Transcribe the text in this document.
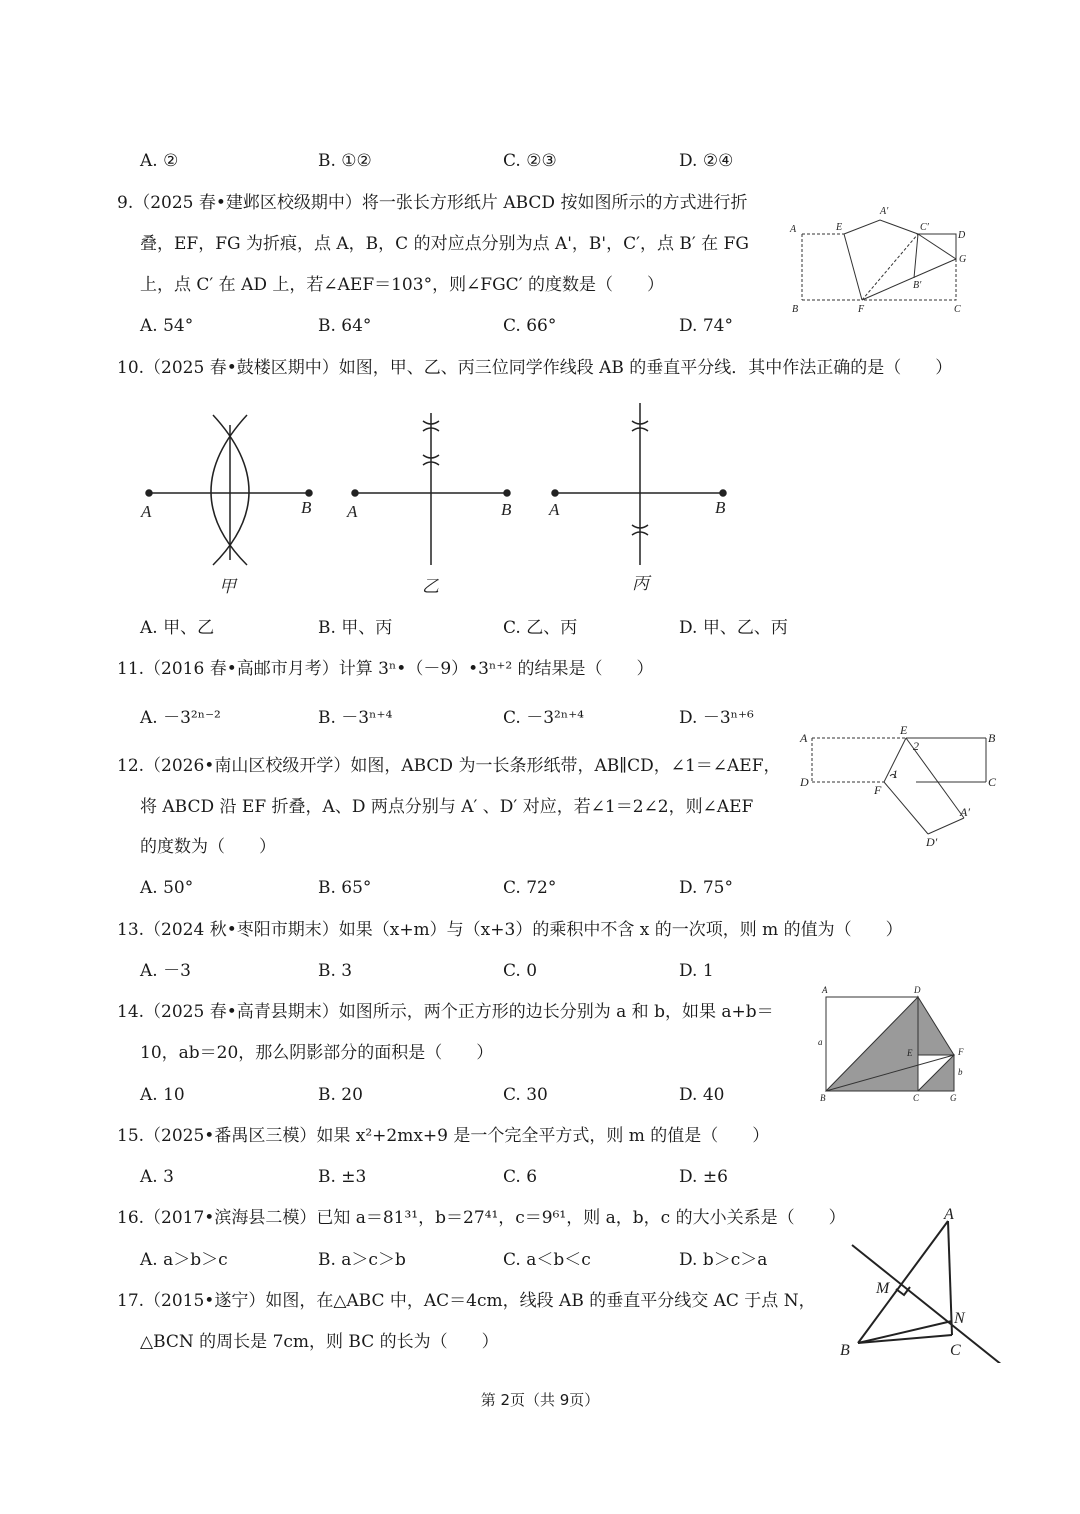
A. ②	B. ①②	C. ②③	D. ②④
9.（2025 春•建邺区校级期中）将一张长方形纸片 ABCD 按如图所示的方式进行折
叠，EF，FG 为折痕，点 A，B，C 的对应点分别为点 A'，B'，C′，点 B′ 在 FG
上，点 C′ 在 AD 上，若∠AEF＝103°，则∠FGC′ 的度数是（　　）
A. 54°	B. 64°	C. 66°	D. 74°
A	E
A′
C′
D
G
B′
B	F	C
10.（2025 春•鼓楼区期中）如图，甲、乙、丙三位同学作线段 AB 的垂直平分线．其中作法正确的是（　　）
A	B A	B A	B
甲	乙	丙
A. 甲、乙	B. 甲、丙	C. 乙、丙	D. 甲、乙、丙
11.（2016 春•高邮市月考）计算 3ⁿ•（－9）•3ⁿ⁺² 的结果是（　　）
A. －3²ⁿ⁻²	B. －3ⁿ⁺⁴	C. －3²ⁿ⁺⁴	D. －3ⁿ⁺⁶
12.（2026•南山区校级开学）如图，ABCD 为一长条形纸带，AB∥CD，∠1＝∠AEF，
将 ABCD 沿 EF 折叠，A、D 两点分别与 A′ 、D′ 对应，若∠1＝2∠2，则∠AEF
的度数为（　　）
A. 50°	B. 65°	C. 72°	D. 75°
A
E
2
B
D
1
F
C
A′
D′
13.（2024 秋•枣阳市期末）如果（x+m）与（x+3）的乘积中不含 x 的一次项，则 m 的值为（　　）
A. －3	B. 3	C. 0	D. 1
14.（2025 春•高青县期末）如图所示，两个正方形的边长分别为 a 和 b，如果 a+b＝
10，ab＝20，那么阴影部分的面积是（　　）
A. 10	B. 20	C. 30	D. 40
A	D
a
E	F
b
B	C	G
15.（2025•番禺区三模）如果 x²+2mx+9 是一个完全平方式，则 m 的值是（　　）
A. 3	B. ±3	C. 6	D. ±6
16.（2017•滨海县二模）已知 a＝81³¹，b＝27⁴¹，c＝9⁶¹，则 a，b，c 的大小关系是（　　）
A. a＞b＞c	B. a＞c＞b	C. a＜b＜c	D. b＞c＞a
17.（2015•遂宁）如图，在△ABC 中，AC＝4cm，线段 AB 的垂直平分线交 AC 于点 N，
△BCN 的周长是 7cm，则 BC 的长为（　　）
A
M
N
B	C
第 2页（共 9页）
